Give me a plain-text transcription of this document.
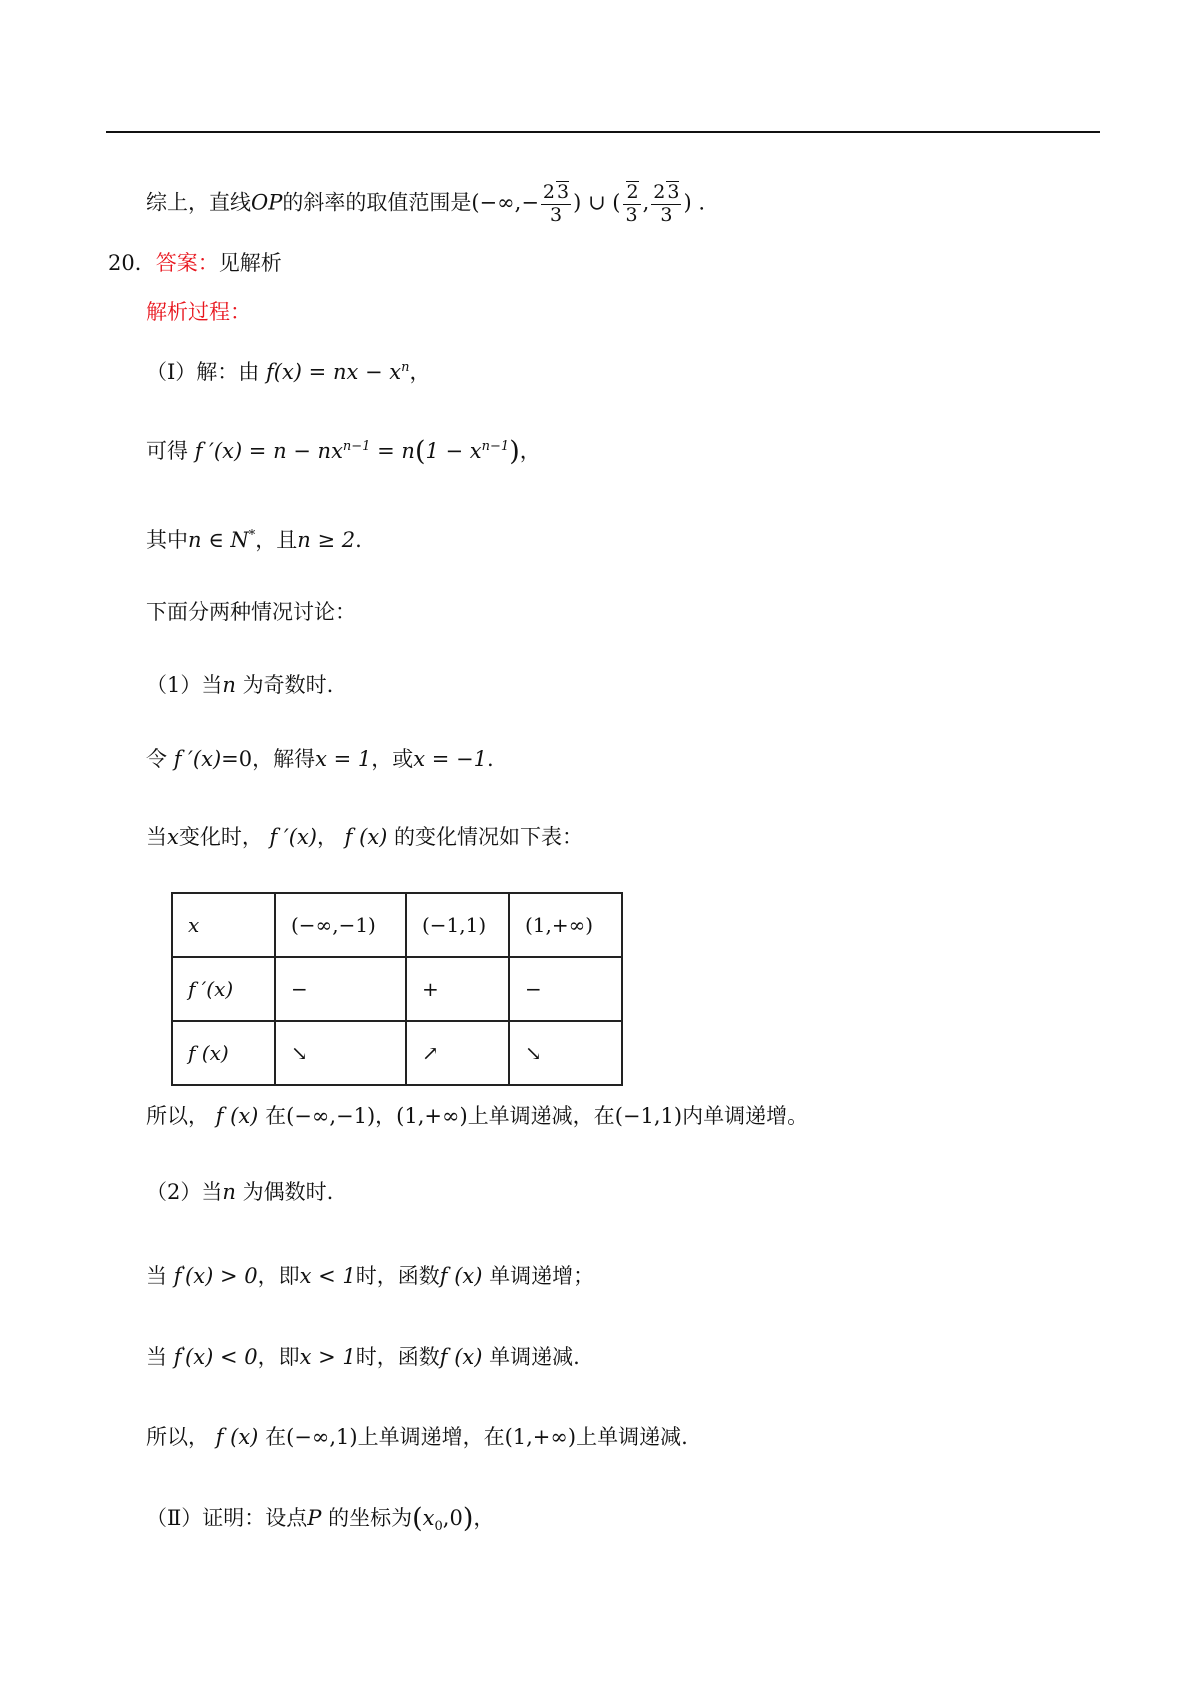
综上，直线OP的斜率的取值范围是(−∞,− $\frac{2 3}{3}$ ) ∪ ( $\frac{2}{3}$ , $\frac{2 3}{3}$ ) .
20．答案：见解析
解析过程：
（Ⅰ）解：由 f(x) = nx − $x^n$，
可得 f $'(x) = n - nx^{n-1} = n(1 - x^{n-1})$，
其中n ∈ N*，且n ≥ 2.
下面分两种情况讨论：
（1）当n 为奇数时.
令 f ′(x)=0，解得x = 1，或x = −1.
当x变化时， f ′(x)， f (x) 的变化情况如下表：
x	(−∞,−1)	(−1,1)	(1,+∞)
f ′(x)	−	+	−
f (x)	↘	↗	↘
所以， f (x) 在(−∞,−1)，(1,+∞)上单调递减，在(−1,1)内单调递增。
（2）当n 为偶数时.
当 f'(x) > 0，即x < 1时，函数f (x) 单调递增；
当 f'(x) < 0，即x > 1时，函数f (x) 单调递减.
所以， f (x) 在(−∞,1)上单调递增，在(1,+∞)上单调递减.
（Ⅱ）证明：设点P 的坐标为$(x_0,0)$，
